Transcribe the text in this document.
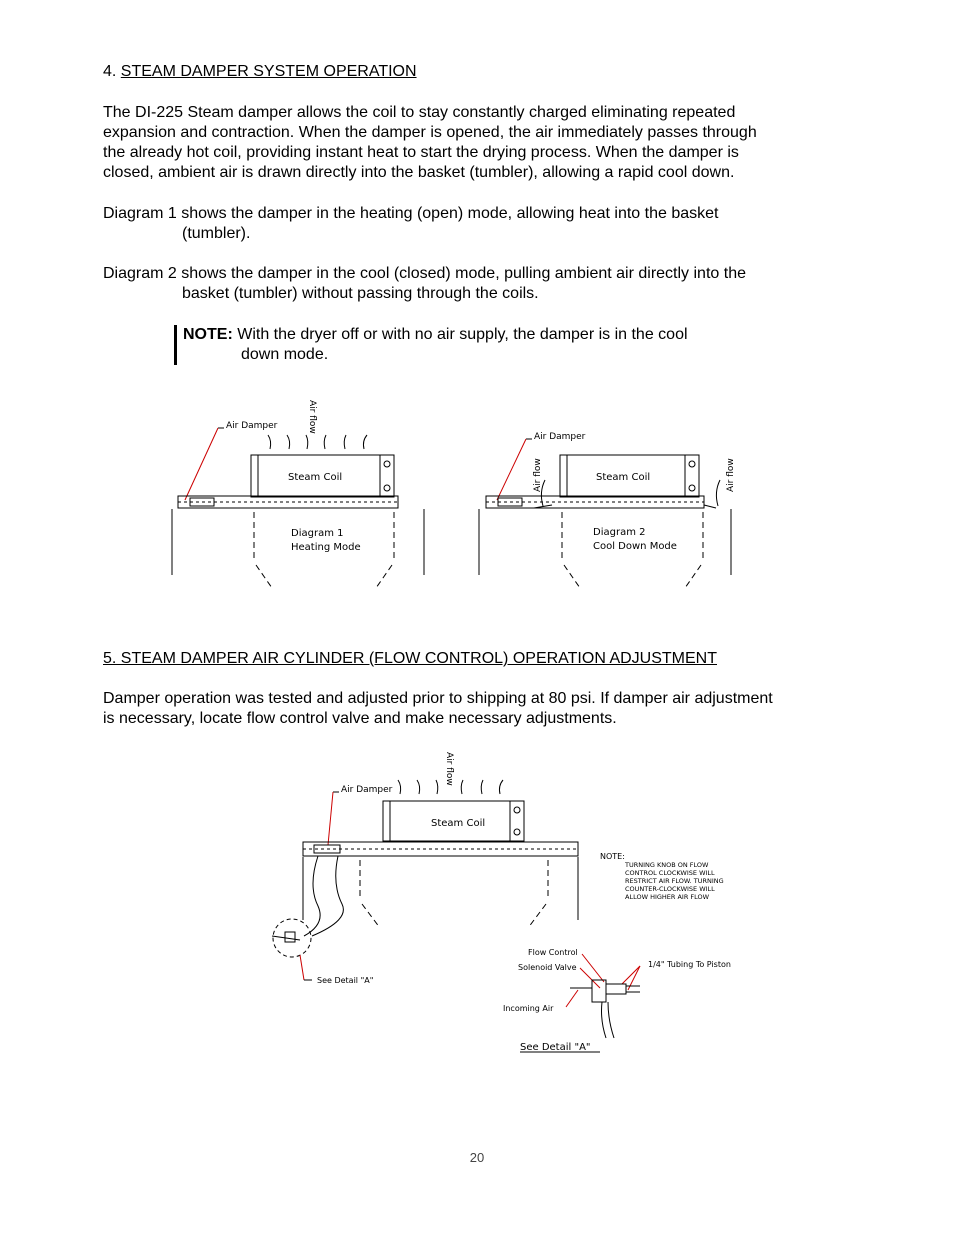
4. STEAM DAMPER SYSTEM OPERATION
The DI-225 Steam damper allows the coil to stay constantly charged eliminating repeated
expansion and contraction. When the damper is opened, the air immediately passes through
the already hot coil, providing instant heat to start the drying process. When the damper is
closed, ambient air is drawn directly into the basket (tumbler), allowing a rapid cool down.
Diagram 1 shows the damper in the heating (open) mode, allowing heat into the basket
(tumbler).
Diagram 2 shows the damper in the cool (closed) mode, pulling ambient air directly into the
basket (tumbler) without passing through the coils.
NOTE: With the dryer off or with no air supply, the damper is in the cool
down mode.
Air Damper	Air flow
Steam Coil
Diagram 1
Heating Mode
Air Damper
Air flow	Air flow
Steam Coil
Diagram 2
Cool Down Mode
Air Damper
Air flow
Steam Coil
See Detail "A"
NOTE:
TURNING KNOB ON FLOW
CONTROL CLOCKWISE WILL
RESTRICT AIR FLOW. TURNING
COUNTER-CLOCKWISE WILL
ALLOW HIGHER AIR FLOW
Flow Control
Solenoid Valve	1/4" Tubing To Piston
Incoming Air
See Detail "A"
5. STEAM DAMPER AIR CYLINDER (FLOW CONTROL) OPERATION ADJUSTMENT
Damper operation was tested and adjusted prior to shipping at 80 psi. If damper air adjustment
is necessary, locate flow control valve and make necessary adjustments.
20
